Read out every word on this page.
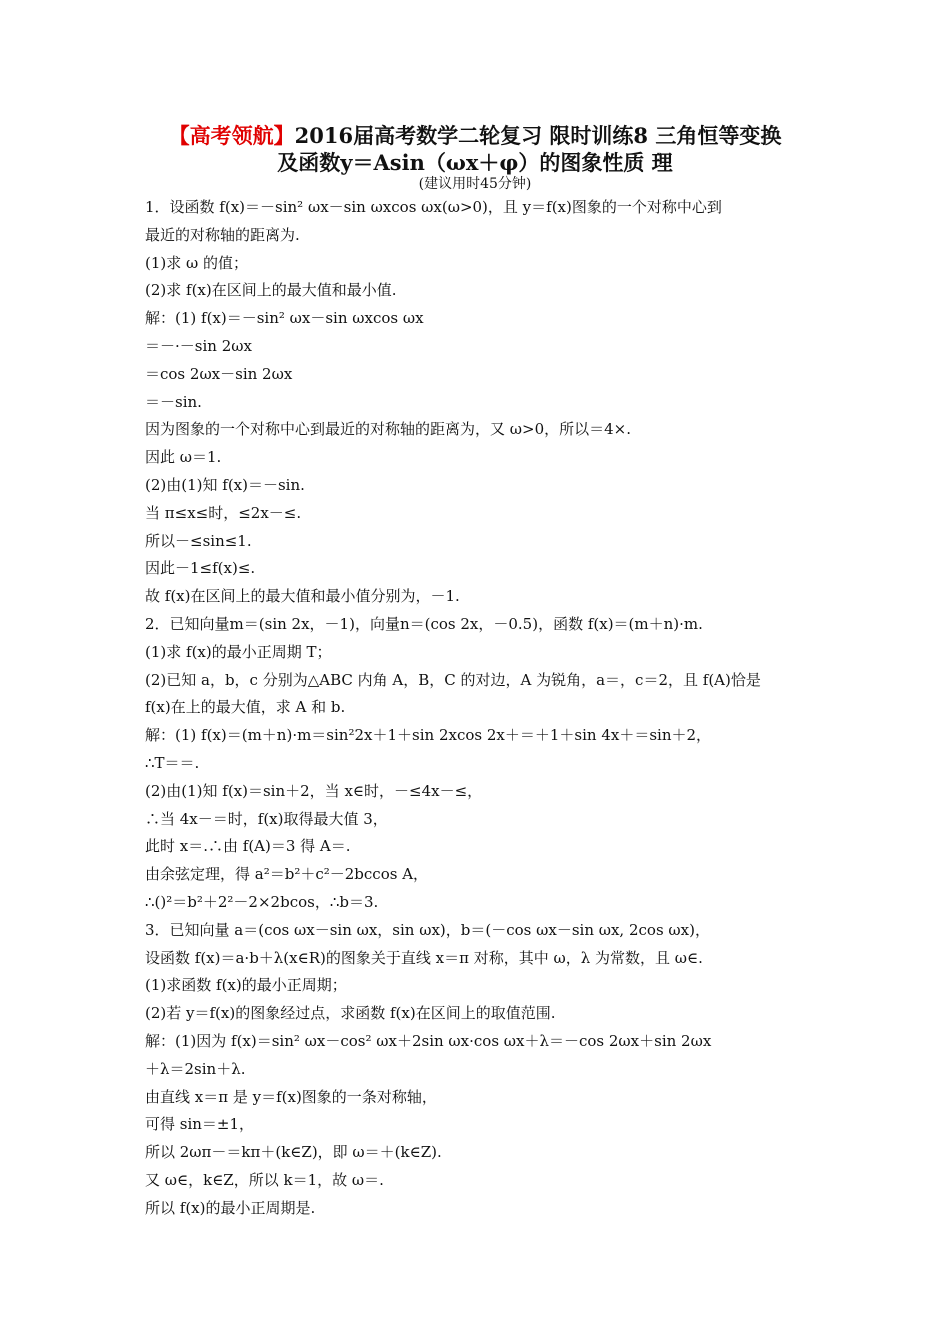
【高考领航】2016届高考数学二轮复习 限时训练8 三角恒等变换
及函数y＝Asin（ωx＋φ）的图象性质 理
(建议用时45分钟)
1．设函数 f(x)＝－sin² ωx－sin ωxcos ωx(ω>0)，且 y＝f(x)图象的一个对称中心到
最近的对称轴的距离为.
(1)求 ω 的值；
(2)求 f(x)在区间上的最大值和最小值.
解：(1) f(x)＝－sin² ωx－sin ωxcos ωx
＝－·－sin 2ωx
＝cos 2ωx－sin 2ωx
＝－sin.
因为图象的一个对称中心到最近的对称轴的距离为，又 ω>0，所以＝4×.
因此 ω＝1.
(2)由(1)知 f(x)＝－sin.
当 π≤x≤时，≤2x－≤.
所以－≤sin≤1.
因此－1≤f(x)≤.
故 f(x)在区间上的最大值和最小值分别为，－1.
2．已知向量m＝(sin 2x，－1)，向量n＝(cos 2x，－0.5)，函数 f(x)＝(m＋n)·m.
(1)求 f(x)的最小正周期 T；
(2)已知 a，b，c 分别为△ABC 内角 A，B，C 的对边，A 为锐角，a＝，c＝2，且 f(A)恰是
f(x)在上的最大值，求 A 和 b.
解：(1) f(x)＝(m＋n)·m＝sin²2x＋1＋sin 2xcos 2x＋＝＋1＋sin 4x＋＝sin＋2，
∴T＝＝.
(2)由(1)知 f(x)＝sin＋2，当 x∈时，－≤4x－≤，
∴当 4x－＝时，f(x)取得最大值 3，
此时 x＝.∴由 f(A)＝3 得 A＝.
由余弦定理，得 a²＝b²＋c²－2bccos A，
∴()²＝b²＋2²－2×2bcos，∴b＝3.
3．已知向量 a＝(cos ωx－sin ωx，sin ωx)，b＝(－cos ωx－sin ωx, 2cos ωx)，
设函数 f(x)＝a·b＋λ(x∈R)的图象关于直线 x＝π 对称，其中 ω，λ 为常数，且 ω∈.
(1)求函数 f(x)的最小正周期；
(2)若 y＝f(x)的图象经过点，求函数 f(x)在区间上的取值范围.
解：(1)因为 f(x)＝sin² ωx－cos² ωx＋2sin ωx·cos ωx＋λ＝－cos 2ωx＋sin 2ωx
＋λ＝2sin＋λ.
由直线 x＝π 是 y＝f(x)图象的一条对称轴，
可得 sin＝±1，
所以 2ωπ－＝kπ＋(k∈Z)，即 ω＝＋(k∈Z).
又 ω∈，k∈Z，所以 k＝1，故 ω＝.
所以 f(x)的最小正周期是.
